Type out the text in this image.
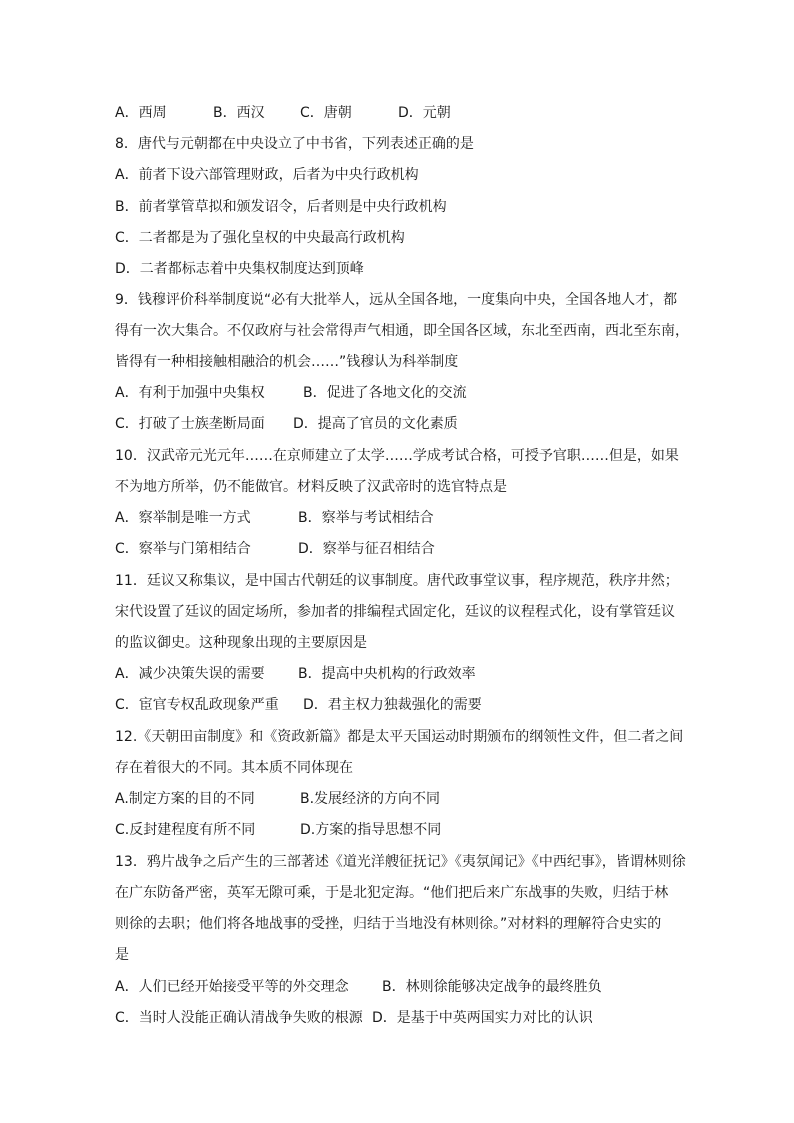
A．西周	B．西汉	C．唐朝	D．元朝
8．唐代与元朝都在中央设立了中书省，下列表述正确的是
A．前者下设六部管理财政，后者为中央行政机构
B．前者掌管草拟和颁发诏令，后者则是中央行政机构
C．二者都是为了强化皇权的中央最高行政机构
D．二者都标志着中央集权制度达到顶峰
9．钱穆评价科举制度说“必有大批举人，远从全国各地，一度集向中央，全国各地人才，都
得有一次大集合。不仅政府与社会常得声气相通，即全国各区域，东北至西南，西北至东南，
皆得有一种相接触相融洽的机会……”钱穆认为科举制度
A．有利于加强中央集权	B．促进了各地文化的交流
C．打破了士族垄断局面 D．提高了官员的文化素质
10．汉武帝元光元年……在京师建立了太学……学成考试合格，可授予官职……但是，如果
不为地方所举，仍不能做官。材料反映了汉武帝时的选官特点是
A．察举制是唯一方式	B．察举与考试相结合
C．察举与门第相结合	D．察举与征召相结合
11．廷议又称集议，是中国古代朝廷的议事制度。唐代政事堂议事，程序规范，秩序井然；
宋代设置了廷议的固定场所，参加者的排编程式固定化，廷议的议程程式化，设有掌管廷议
的监议御史。这种现象出现的主要原因是
A．减少决策失误的需要 B．提高中央机构的行政效率
C．宦官专权乱政现象严重 D．君主权力独裁强化的需要
12.《天朝田亩制度》和《资政新篇》都是太平天国运动时期颁布的纲领性文件，但二者之间
存在着很大的不同。其本质不同体现在
A.制定方案的目的不同	B.发展经济的方向不同
C.反封建程度有所不同	D.方案的指导思想不同
13．鸦片战争之后产生的三部著述《道光洋艘征抚记》《夷氛闻记》《中西纪事》，皆谓林则徐
在广东防备严密，英军无隙可乘，于是北犯定海。“他们把后来广东战事的失败，归结于林
则徐的去职；他们将各地战事的受挫，归结于当地没有林则徐。”对材料的理解符合史实的
是
A．人们已经开始接受平等的外交理念 B．林则徐能够决定战争的最终胜负
C．当时人没能正确认清战争失败的根源 D．是基于中英两国实力对比的认识
